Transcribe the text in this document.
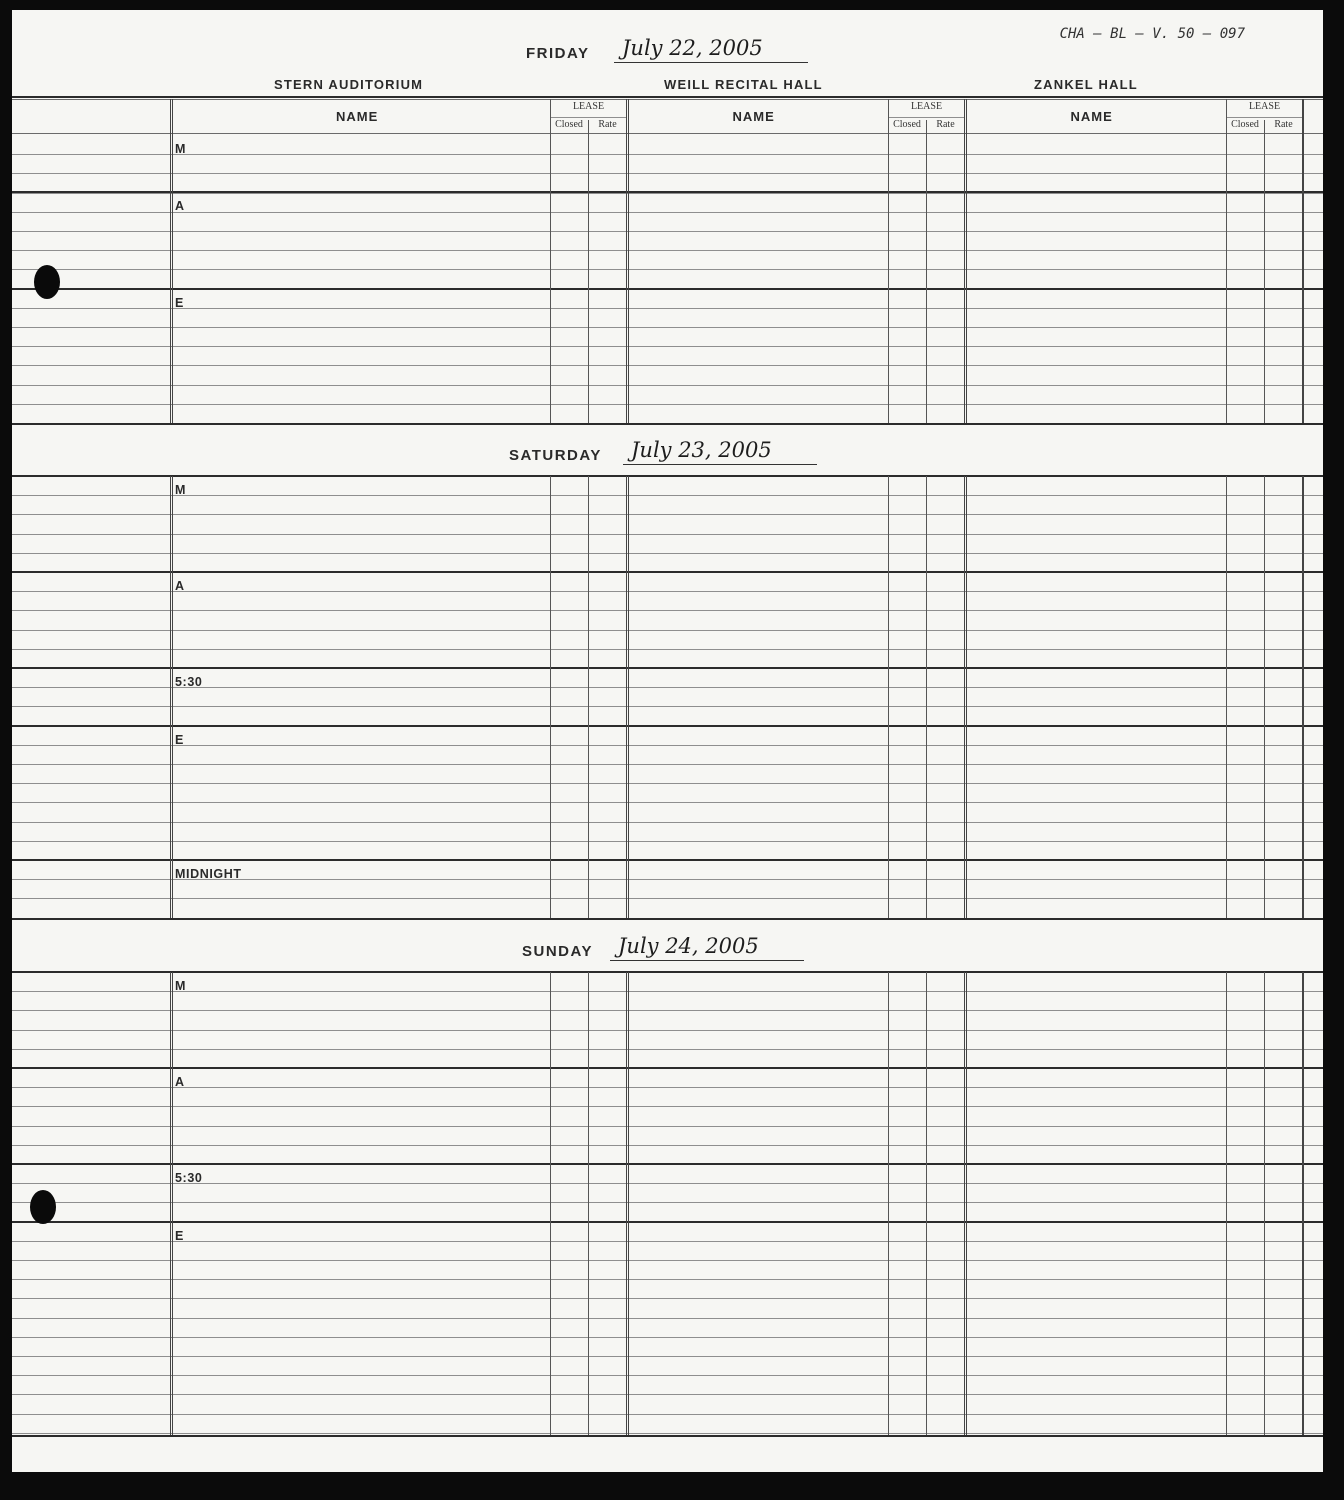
CHA — BL — V. 50 — 097
FRIDAY	July 22, 2005
STERN AUDITORIUM	WEILL RECITAL HALL	ZANKEL HALL
NAME
LEASE
Closed	Rate
NAME
LEASE
Closed	Rate
NAME
LEASE
Closed	Rate
M
A
E
SATURDAY	July 23, 2005
M
A
5:30
E
MIDNIGHT
SUNDAY	July 24, 2005
M
A
5:30
E
